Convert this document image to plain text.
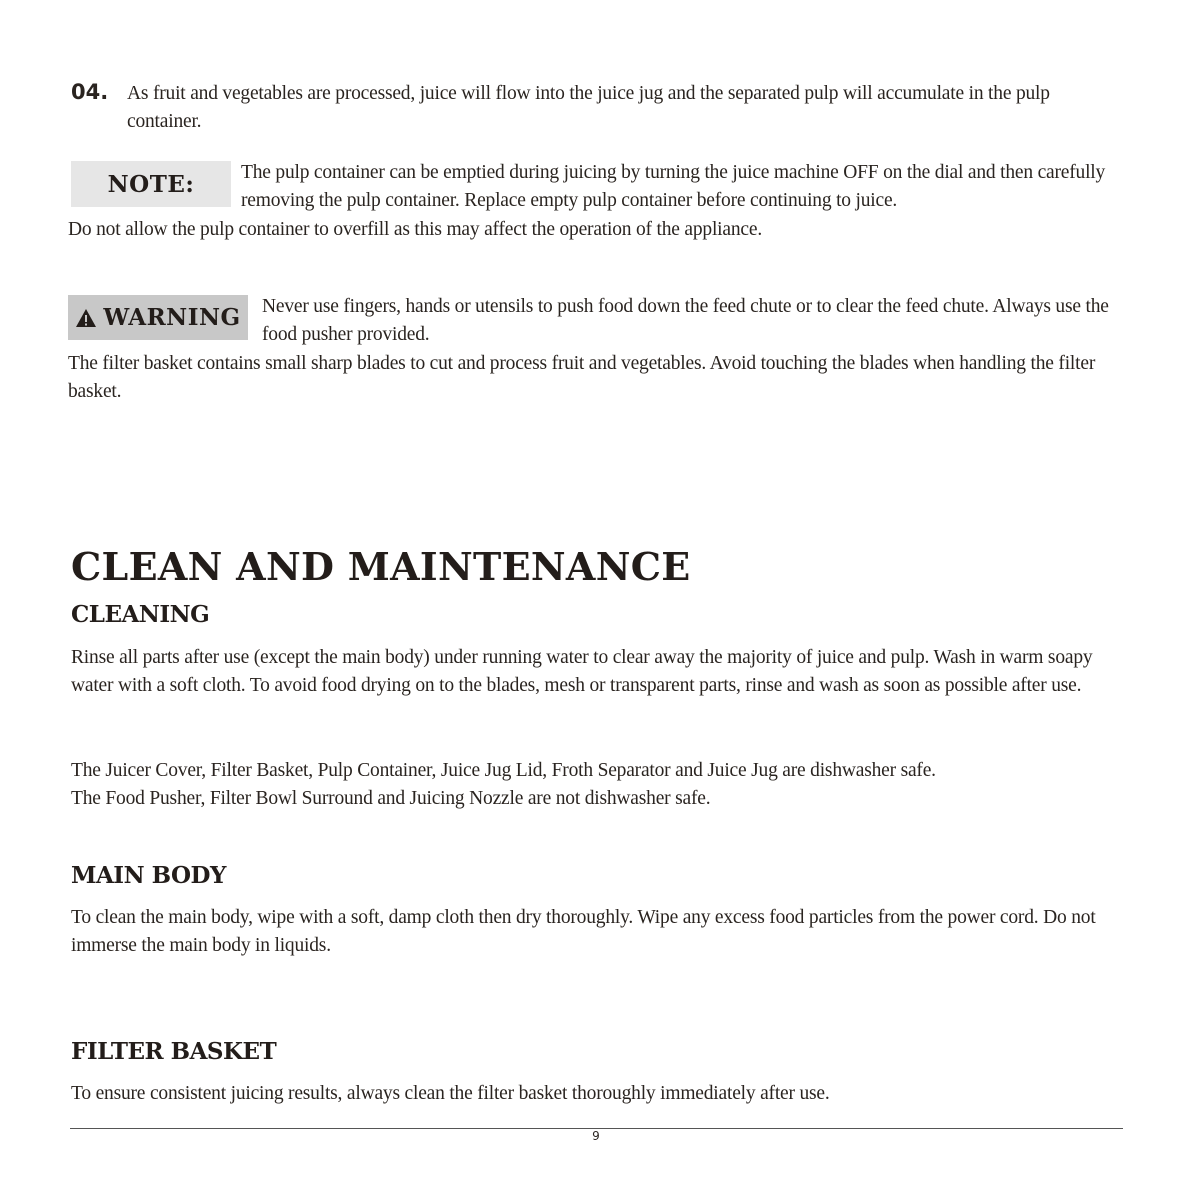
04. As fruit and vegetables are processed, juice will flow into the juice jug and the separated pulp will accumulate in the pulp container.

NOTE: The pulp container can be emptied during juicing by turning the juice machine OFF on the dial and then carefully removing the pulp container. Replace empty pulp container before continuing to juice.

Do not allow the pulp container to overfill as this may affect the operation of the appliance.

WARNING Never use fingers, hands or utensils to push food down the feed chute or to clear the feed chute. Always use the food pusher provided.

The filter basket contains small sharp blades to cut and process fruit and vegetables. Avoid touching the blades when handling the filter basket.

CLEAN AND MAINTENANCE
CLEANING

Rinse all parts after use (except the main body) under running water to clear away the majority of juice and pulp. Wash in warm soapy water with a soft cloth. To avoid food drying on to the blades, mesh or transparent parts, rinse and wash as soon as possible after use.

The Juicer Cover, Filter Basket, Pulp Container, Juice Jug Lid, Froth Separator and Juice Jug are dishwasher safe.

The Food Pusher, Filter Bowl Surround and Juicing Nozzle are not dishwasher safe.

MAIN BODY

To clean the main body, wipe with a soft, damp cloth then dry thoroughly. Wipe any excess food particles from the power cord. Do not immerse the main body in liquids.

FILTER BASKET

To ensure consistent juicing results, always clean the filter basket thoroughly immediately after use.

9
